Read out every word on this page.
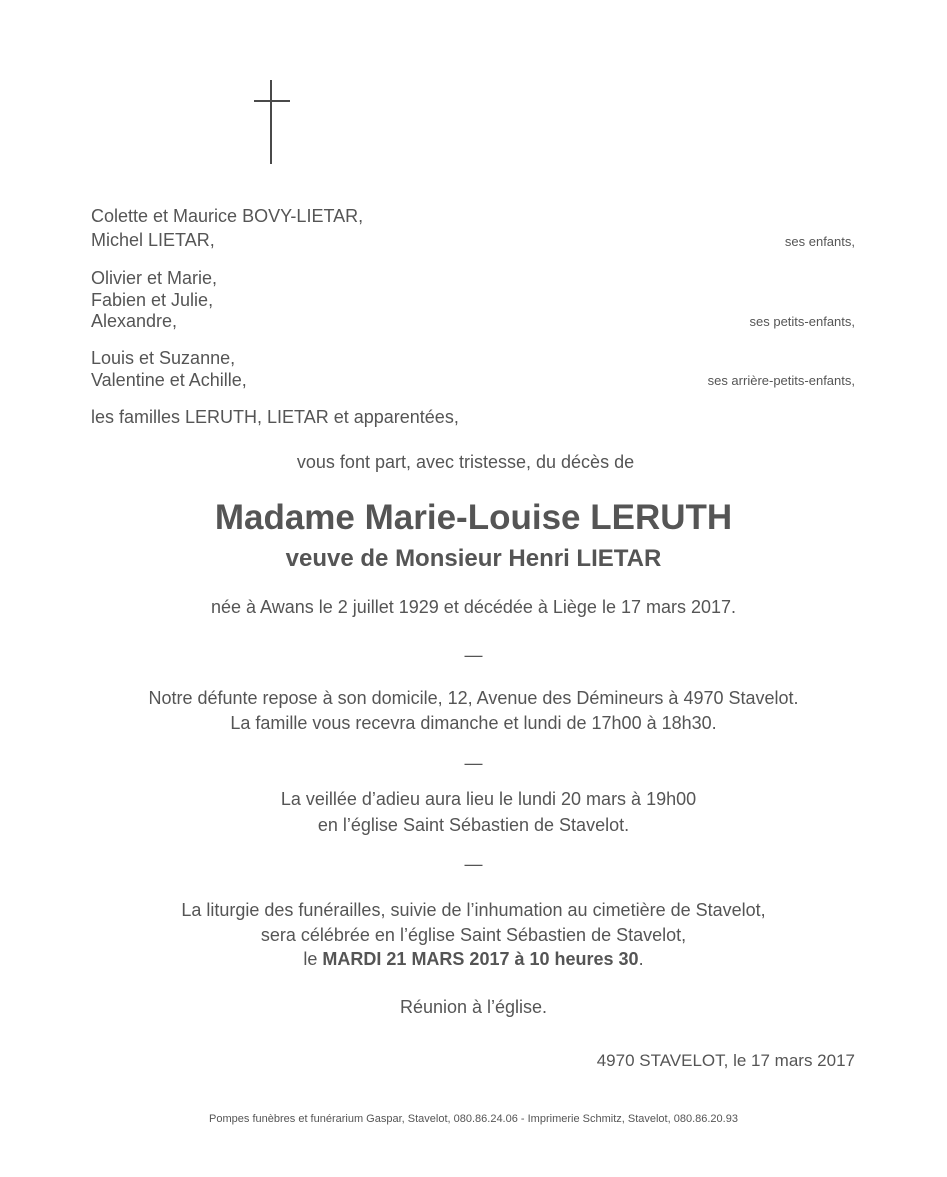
Colette et Maurice BOVY-LIETAR,
Michel LIETAR,	ses enfants,
Olivier et Marie,
Fabien et Julie,
Alexandre,	ses petits-enfants,
Louis et Suzanne,
Valentine et Achille,	ses arrière-petits-enfants,
les familles LERUTH, LIETAR et apparentées,
vous font part, avec tristesse, du décès de
Madame Marie-Louise LERUTH
veuve de Monsieur Henri LIETAR
née à Awans le 2 juillet 1929 et décédée à Liège le 17 mars 2017.
—
Notre défunte repose à son domicile, 12, Avenue des Démineurs à 4970 Stavelot.
La famille vous recevra dimanche et lundi de 17h00 à 18h30.
—
La veillée d’adieu aura lieu le lundi 20 mars à 19h00
en l’église Saint Sébastien de Stavelot.
—
La liturgie des funérailles, suivie de l’inhumation au cimetière de Stavelot,
sera célébrée en l’église Saint Sébastien de Stavelot,
le MARDI 21 MARS 2017 à 10 heures 30.
Réunion à l’église.
4970 STAVELOT, le 17 mars 2017
Pompes funèbres et funérarium Gaspar, Stavelot, 080.86.24.06 - Imprimerie Schmitz, Stavelot, 080.86.20.93
